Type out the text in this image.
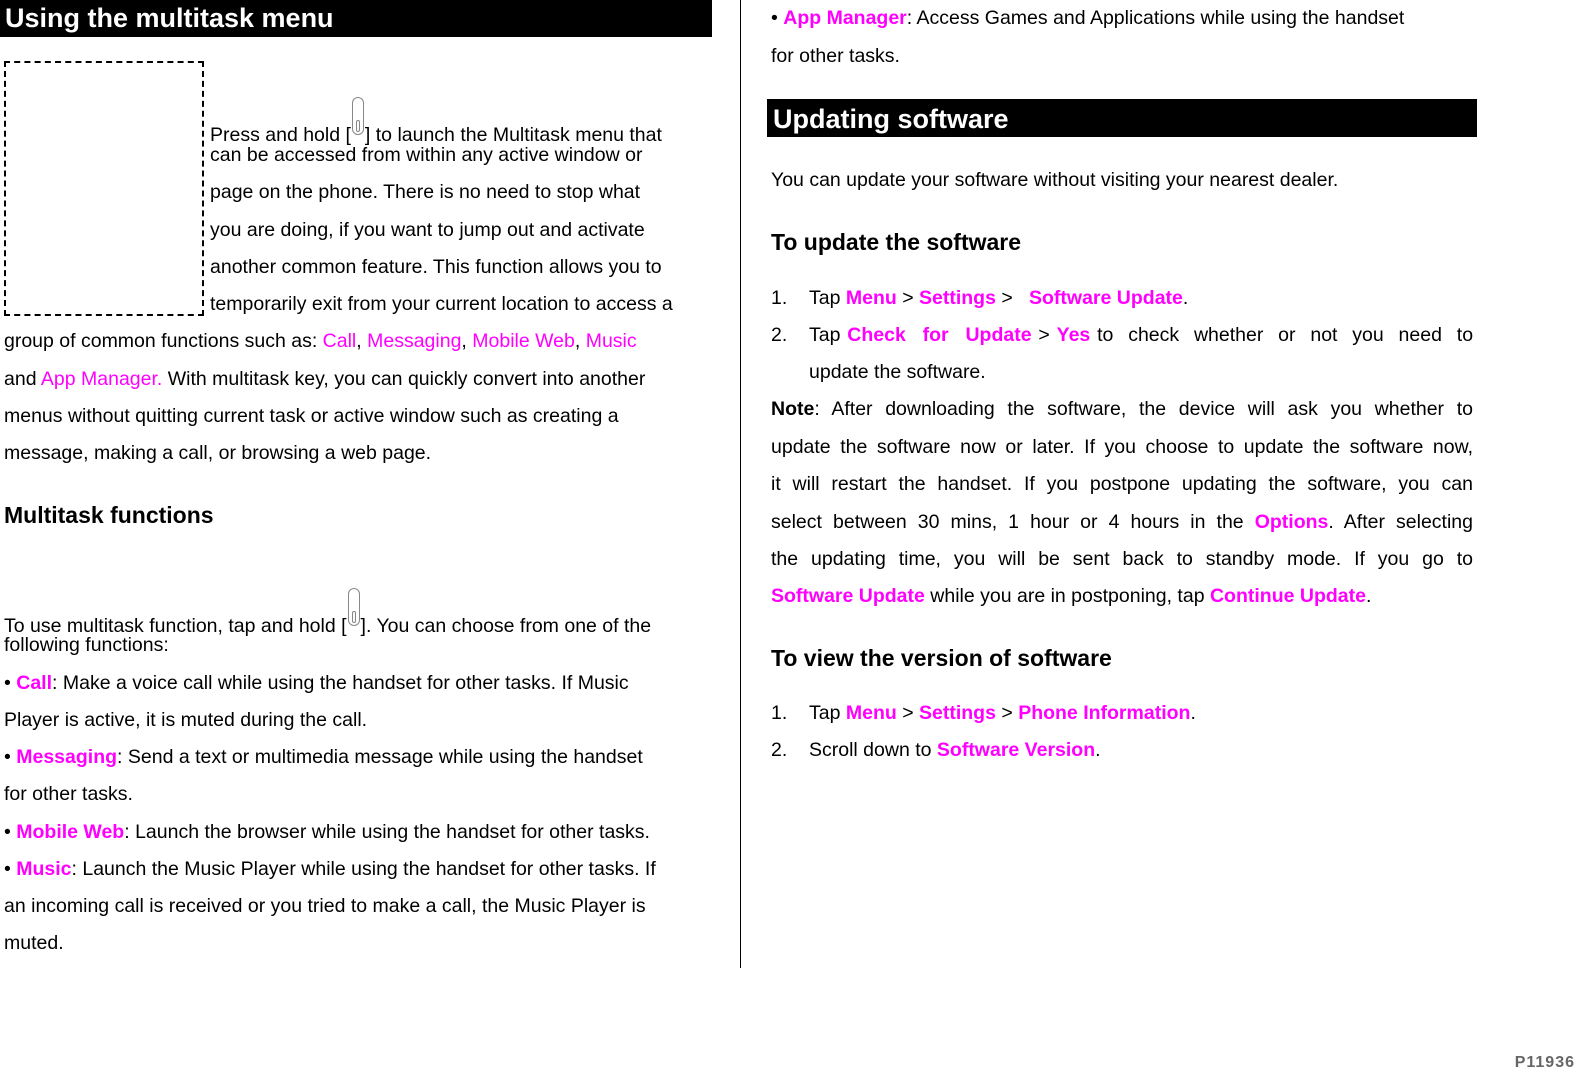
Using the multitask menu
Press and hold [ ] to launch the Multitask menu that
can be accessed from within any active window or
page on the phone. There is no need to stop what
you are doing, if you want to jump out and activate
another common feature. This function allows you to
temporarily exit from your current location to access a
group of common functions such as: Call, Messaging, Mobile Web, Music
and App Manager. With multitask key, you can quickly convert into another
menus without quitting current task or active window such as creating a
message, making a call, or browsing a web page.
Multitask functions
To use multitask function, tap and hold [ ]. You can choose from one of the
following functions:
• Call: Make a voice call while using the handset for other tasks. If Music
Player is active, it is muted during the call.
• Messaging: Send a text or multimedia message while using the handset
for other tasks.
• Mobile Web: Launch the browser while using the handset for other tasks.
• Music: Launch the Music Player while using the handset for other tasks. If
an incoming call is received or you tried to make a call, the Music Player is
muted.
• App Manager: Access Games and Applications while using the handset
for other tasks.
Updating software
You can update your software without visiting your nearest dealer.
To update the software
1. Tap Menu > Settings >   Software Update.
2. Tap Check for Update > Yes to check whether or not you need to
update the software.
Note: After downloading the software, the device will ask you whether to
update the software now or later. If you choose to update the software now,
it will restart the handset. If you postpone updating the software, you can
select between 30 mins, 1 hour or 4 hours in the Options. After selecting
the updating time, you will be sent back to standby mode. If you go to
Software Update while you are in postponing, tap Continue Update.
To view the version of software
1. Tap Menu > Settings > Phone Information.
2. Scroll down to Software Version.
P11936
